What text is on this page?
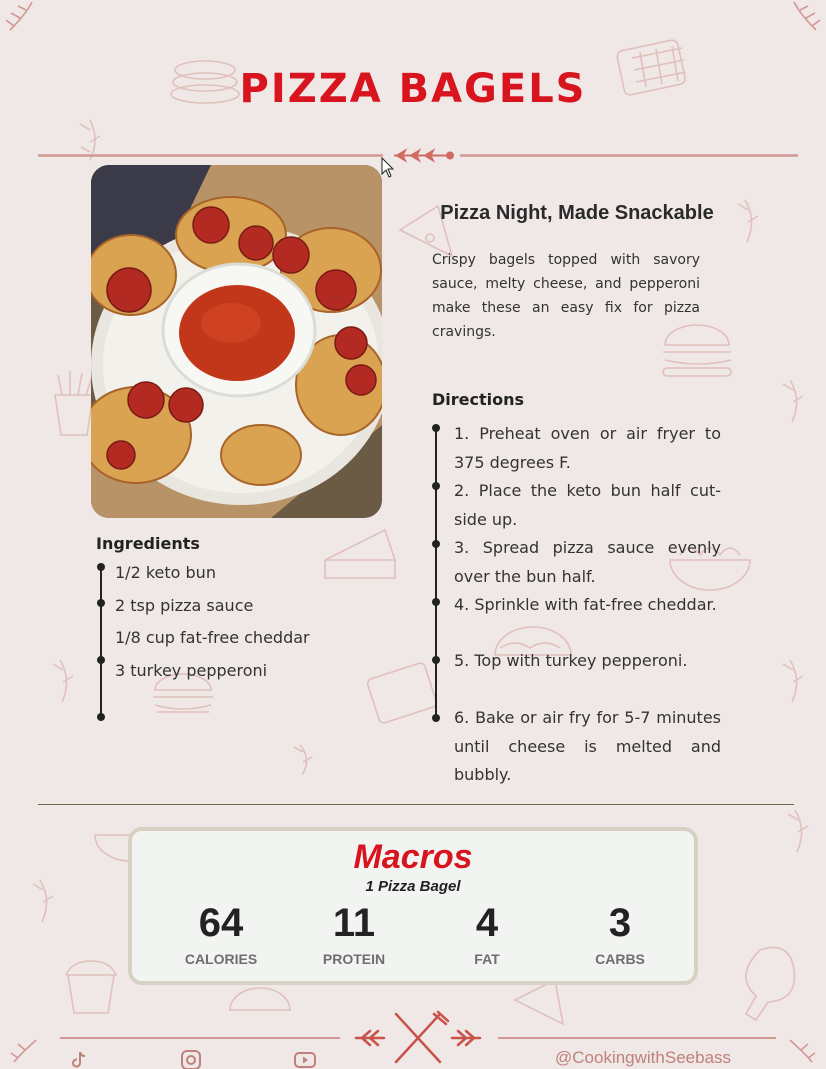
PIZZA BAGELS
Pizza Night, Made Snackable
Crispy bagels topped with savory sauce, melty cheese, and pepperoni make these an easy fix for pizza cravings.
Ingredients
1/2 keto bun
2 tsp pizza sauce
1/8 cup fat-free cheddar
3 turkey pepperoni
Directions
1. Preheat oven or air fryer to 375 degrees F.
2. Place the keto bun half cut-side up.
3. Spread pizza sauce evenly over the bun half.
4. Sprinkle with fat-free cheddar.
5. Top with turkey pepperoni.
6. Bake or air fry for 5-7 minutes until cheese is melted and bubbly.
Macros
1 Pizza Bagel
64
CALORIES
11
PROTEIN
4
FAT
3
CARBS
@CookingwithSeebass
